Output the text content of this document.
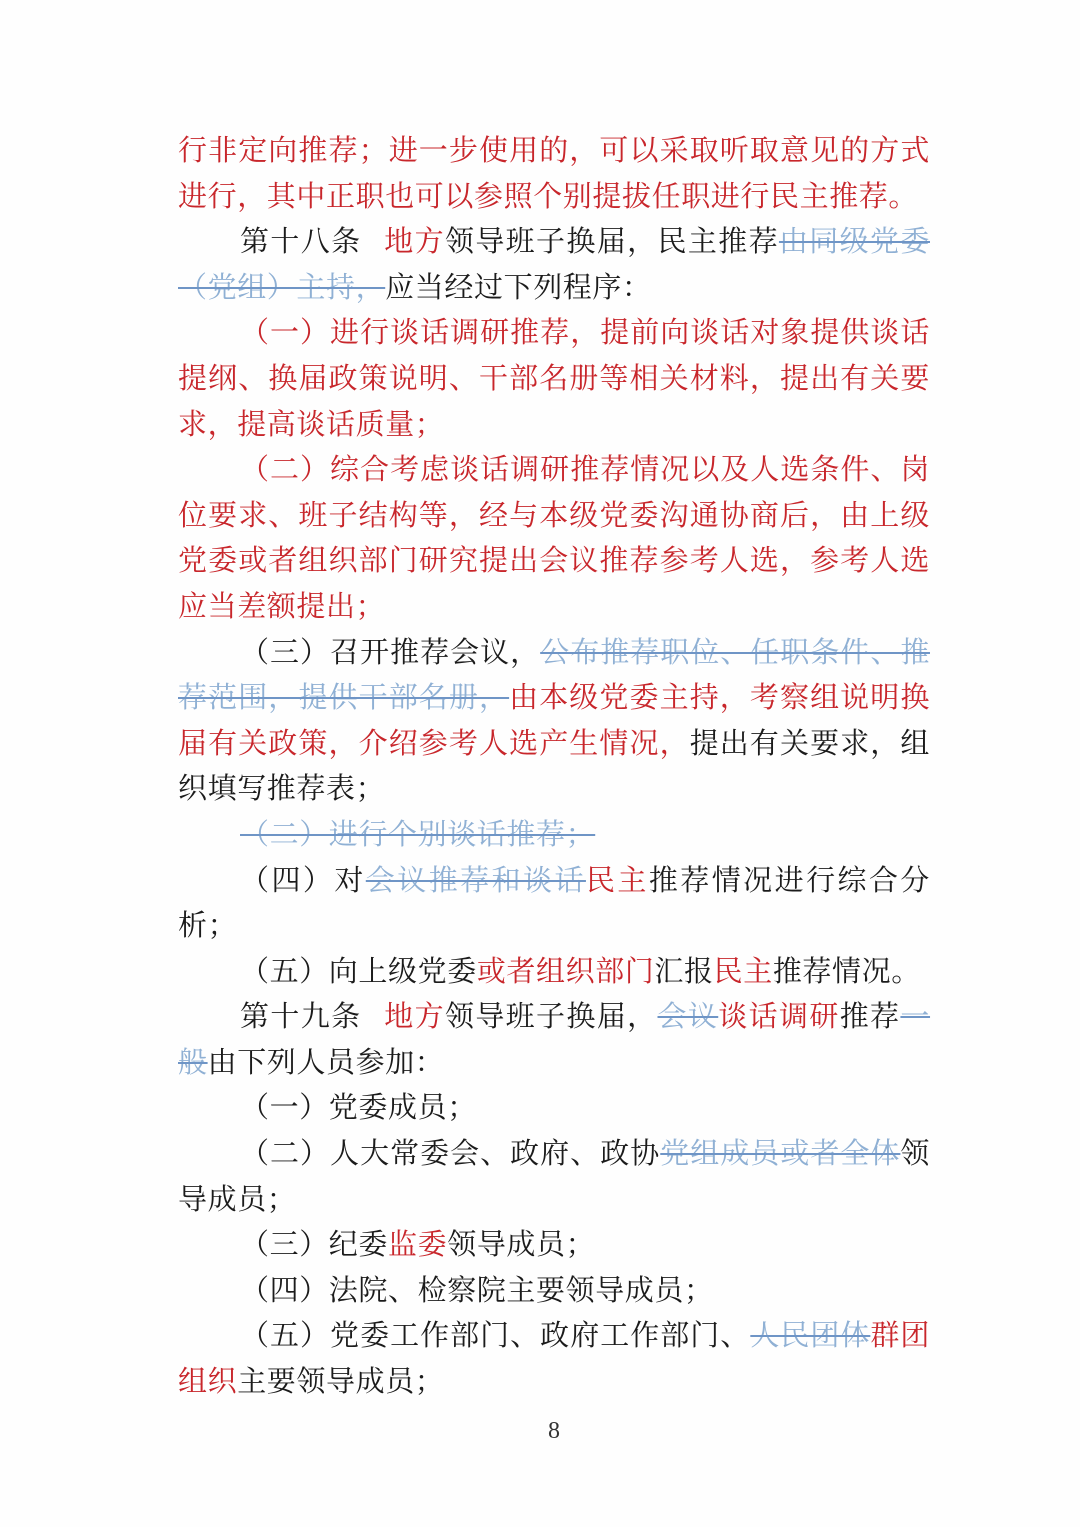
行非定向推荐；进一步使用的，可以采取听取意见的方式进行，其中正职也可以参照个别提拔任职进行民主推荐。

第十八条 地方领导班子换届，民主推荐由同级党委（党组）主持，应当经过下列程序：

（一）进行谈话调研推荐，提前向谈话对象提供谈话提纲、换届政策说明、干部名册等相关材料，提出有关要求，提高谈话质量；

（二）综合考虑谈话调研推荐情况以及人选条件、岗位要求、班子结构等，经与本级党委沟通协商后，由上级党委或者组织部门研究提出会议推荐参考人选，参考人选应当差额提出；

（三）召开推荐会议，公布推荐职位、任职条件、推荐范围，提供干部名册，由本级党委主持，考察组说明换届有关政策，介绍参考人选产生情况，提出有关要求，组织填写推荐表；

（二）进行个别谈话推荐；

（四）对会议推荐和谈话民主推荐情况进行综合分析；

（五）向上级党委或者组织部门汇报民主推荐情况。

第十九条 地方领导班子换届，会议谈话调研推荐一般由下列人员参加：

（一）党委成员；

（二）人大常委会、政府、政协党组成员或者全体领导成员；

（三）纪委监委领导成员；

（四）法院、检察院主要领导成员；

（五）党委工作部门、政府工作部门、人民团体群团组织主要领导成员；

8
